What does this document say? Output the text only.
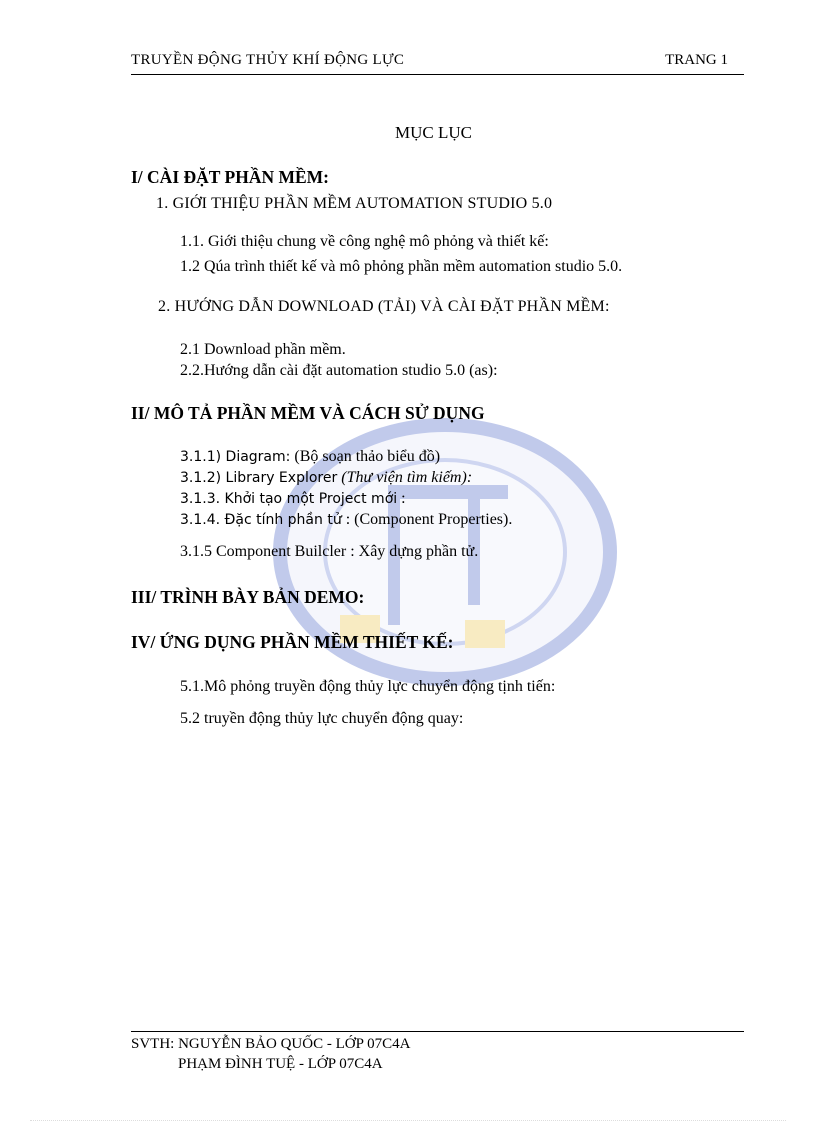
TRUYỀN ĐỘNG THỦY KHÍ ĐỘNG LỰC	TRANG 1
MỤC LỤC
I/ CÀI ĐẶT PHẦN MỀM:
1. GIỚI THIỆU PHẦN MỀM AUTOMATION STUDIO 5.0
1.1. Giới thiệu chung về công nghệ mô phỏng và thiết kế:
1.2 Qúa trình thiết kế và mô phỏng phần mềm automation studio 5.0.
2. HƯỚNG DẪN DOWNLOAD (TẢI) VÀ CÀI ĐẶT PHẦN MỀM:
2.1 Download phần mềm.
2.2.Hướng dẫn cài đặt automation studio 5.0 (as):
II/ MÔ TẢ PHẦN MỀM VÀ CÁCH SỬ DỤNG
3.1.1) Diagram: (Bộ soạn thảo biểu đồ)
3.1.2) Library Explorer (Thư viện tìm kiếm):
3.1.3. Khởi tạo một Project mới :
3.1.4. Đặc tính phần tử : (Component Properties).
3.1.5 Component Builcler : Xây dựng phần tử.
III/ TRÌNH BÀY BẢN DEMO:
IV/ ỨNG DỤNG PHẦN MỀM THIẾT KẾ:
5.1.Mô phỏng truyền động thủy lực chuyển động tịnh tiến:
5.2 truyền động thủy lực chuyển động quay:
SVTH: NGUYỄN BẢO QUỐC - LỚP 07C4A
PHẠM ĐÌNH TUỆ - LỚP 07C4A
